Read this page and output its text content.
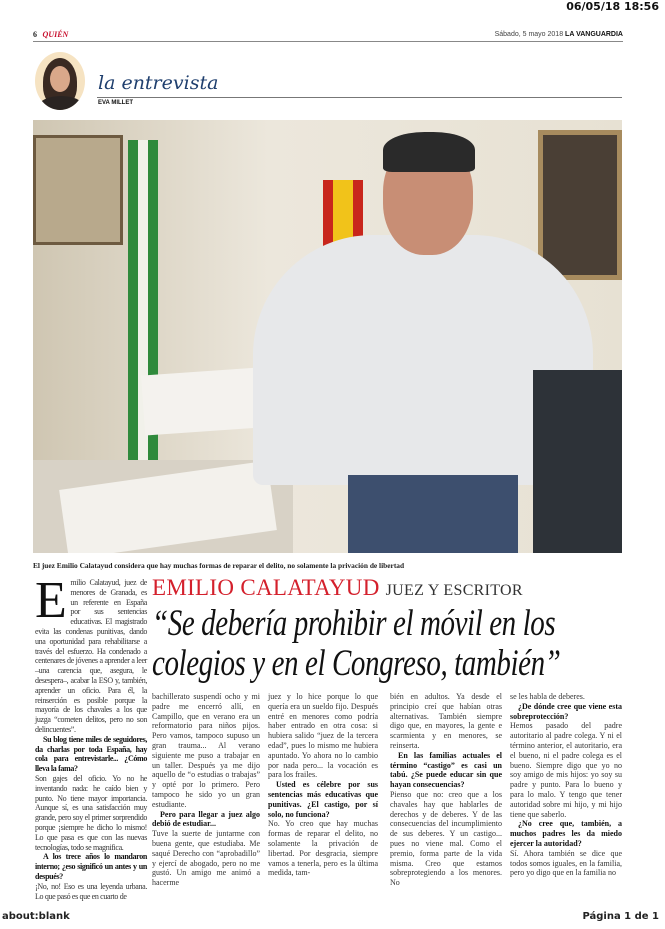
06/05/18 18:56
6 QUIÉN	Sábado, 5 mayo 2018 LA VANGUARDIA
la entrevista
EVA MILLET
El juez Emilio Calatayud considera que hay muchas formas de reparar el delito, no solamente la privación de libertad
EMILIO CALATAYUD JUEZ Y ESCRITOR
“Se debería prohibir el móvil en los colegios y en el Congreso, también”
E milio Calatayud, juez de menores de Granada, es un referente en España por sus sentencias educativas. El magistrado evita las condenas punitivas, dando una oportunidad para rehabilitarse a través del esfuerzo. Ha condenado a centenares de jóvenes a aprender a leer –una carencia que, asegura, le desespera–, acabar la ESO y, también, aprender un oficio. Para él, la reinserción es posible porque la mayoría de los chavales a los que juzga “cometen delitos, pero no son delincuentes”.

Su blog tiene miles de seguidores, da charlas por toda España, hay cola para entrevistarle... ¿Cómo lleva la fama?

Son gajes del oficio. Yo no he inventando nada: he caído bien y punto. No tiene mayor importancia. Aunque sí, es una satisfacción muy grande, pero soy el primer sorprendido porque ¡siempre he dicho lo mismo! Lo que pasa es que con las nuevas tecnologías, todo se magnifica.

A los trece años lo mandaron interno; ¿eso significó un antes y un después?

¡No, no! Eso es una leyenda urbana. Lo que pasó es que en cuarto de

bachillerato suspendí ocho y mi padre me encerró allí, en Campillo, que en verano era un reformatorio para niños pijos. Pero vamos, tampoco supuso un gran trauma... Al verano siguiente me puso a trabajar en un taller. Después ya me dijo aquello de “o estudias o trabajas” y opté por lo primero. Pero tampoco he sido yo un gran estudiante.

Pero para llegar a juez algo debió de estudiar...

Tuve la suerte de juntarme con buena gente, que estudiaba. Me saqué Derecho con “aprobadillo” y ejercí de abogado, pero no me gustó. Un amigo me animó a hacerme

juez y lo hice porque lo que quería era un sueldo fijo. Después entré en menores como podría haber entrado en otra cosa: si hubiera salido “juez de la tercera edad”, pues lo mismo me hubiera apuntado. Yo ahora no lo cambio por nada pero... la vocación es para los frailes.

Usted es célebre por sus sentencias más educativas que punitivas. ¿El castigo, por sí solo, no funciona?

No. Yo creo que hay muchas formas de reparar el delito, no solamente la privación de libertad. Por desgracia, siempre vamos a tenerla, pero es la última medida, tam-

bién en adultos. Ya desde el principio creí que habían otras alternativas. También siempre digo que, en mayores, la gente e scarmienta y en menores, se reinserta.

En las familias actuales el término “castigo” es casi un tabú. ¿Se puede educar sin que hayan consecuencias?

Pienso que no: creo que a los chavales hay que hablarles de derechos y de deberes. Y de las consecuencias del incumplimiento de sus deberes. Y un castigo... pues no viene mal. Como el premio, forma parte de la vida misma. Creo que estamos sobreprotegiendo a los menores. No

se les habla de deberes.

¿De dónde cree que viene esta sobreprotección?

Hemos pasado del padre autoritario al padre colega. Y ni el término anterior, el autoritario, era el bueno, ni el padre colega es el bueno. Siempre digo que yo no soy amigo de mis hijos: yo soy su padre y punto. Para lo bueno y para lo malo. Y tengo que tener autoridad sobre mi hijo, y mi hijo tiene que saberlo.

¿No cree que, también, a muchos padres les da miedo ejercer la autoridad?

Sí. Ahora también se dice que todos somos iguales, en la familia, pero yo digo que en la familia no

about:blank	Página 1 de 1
